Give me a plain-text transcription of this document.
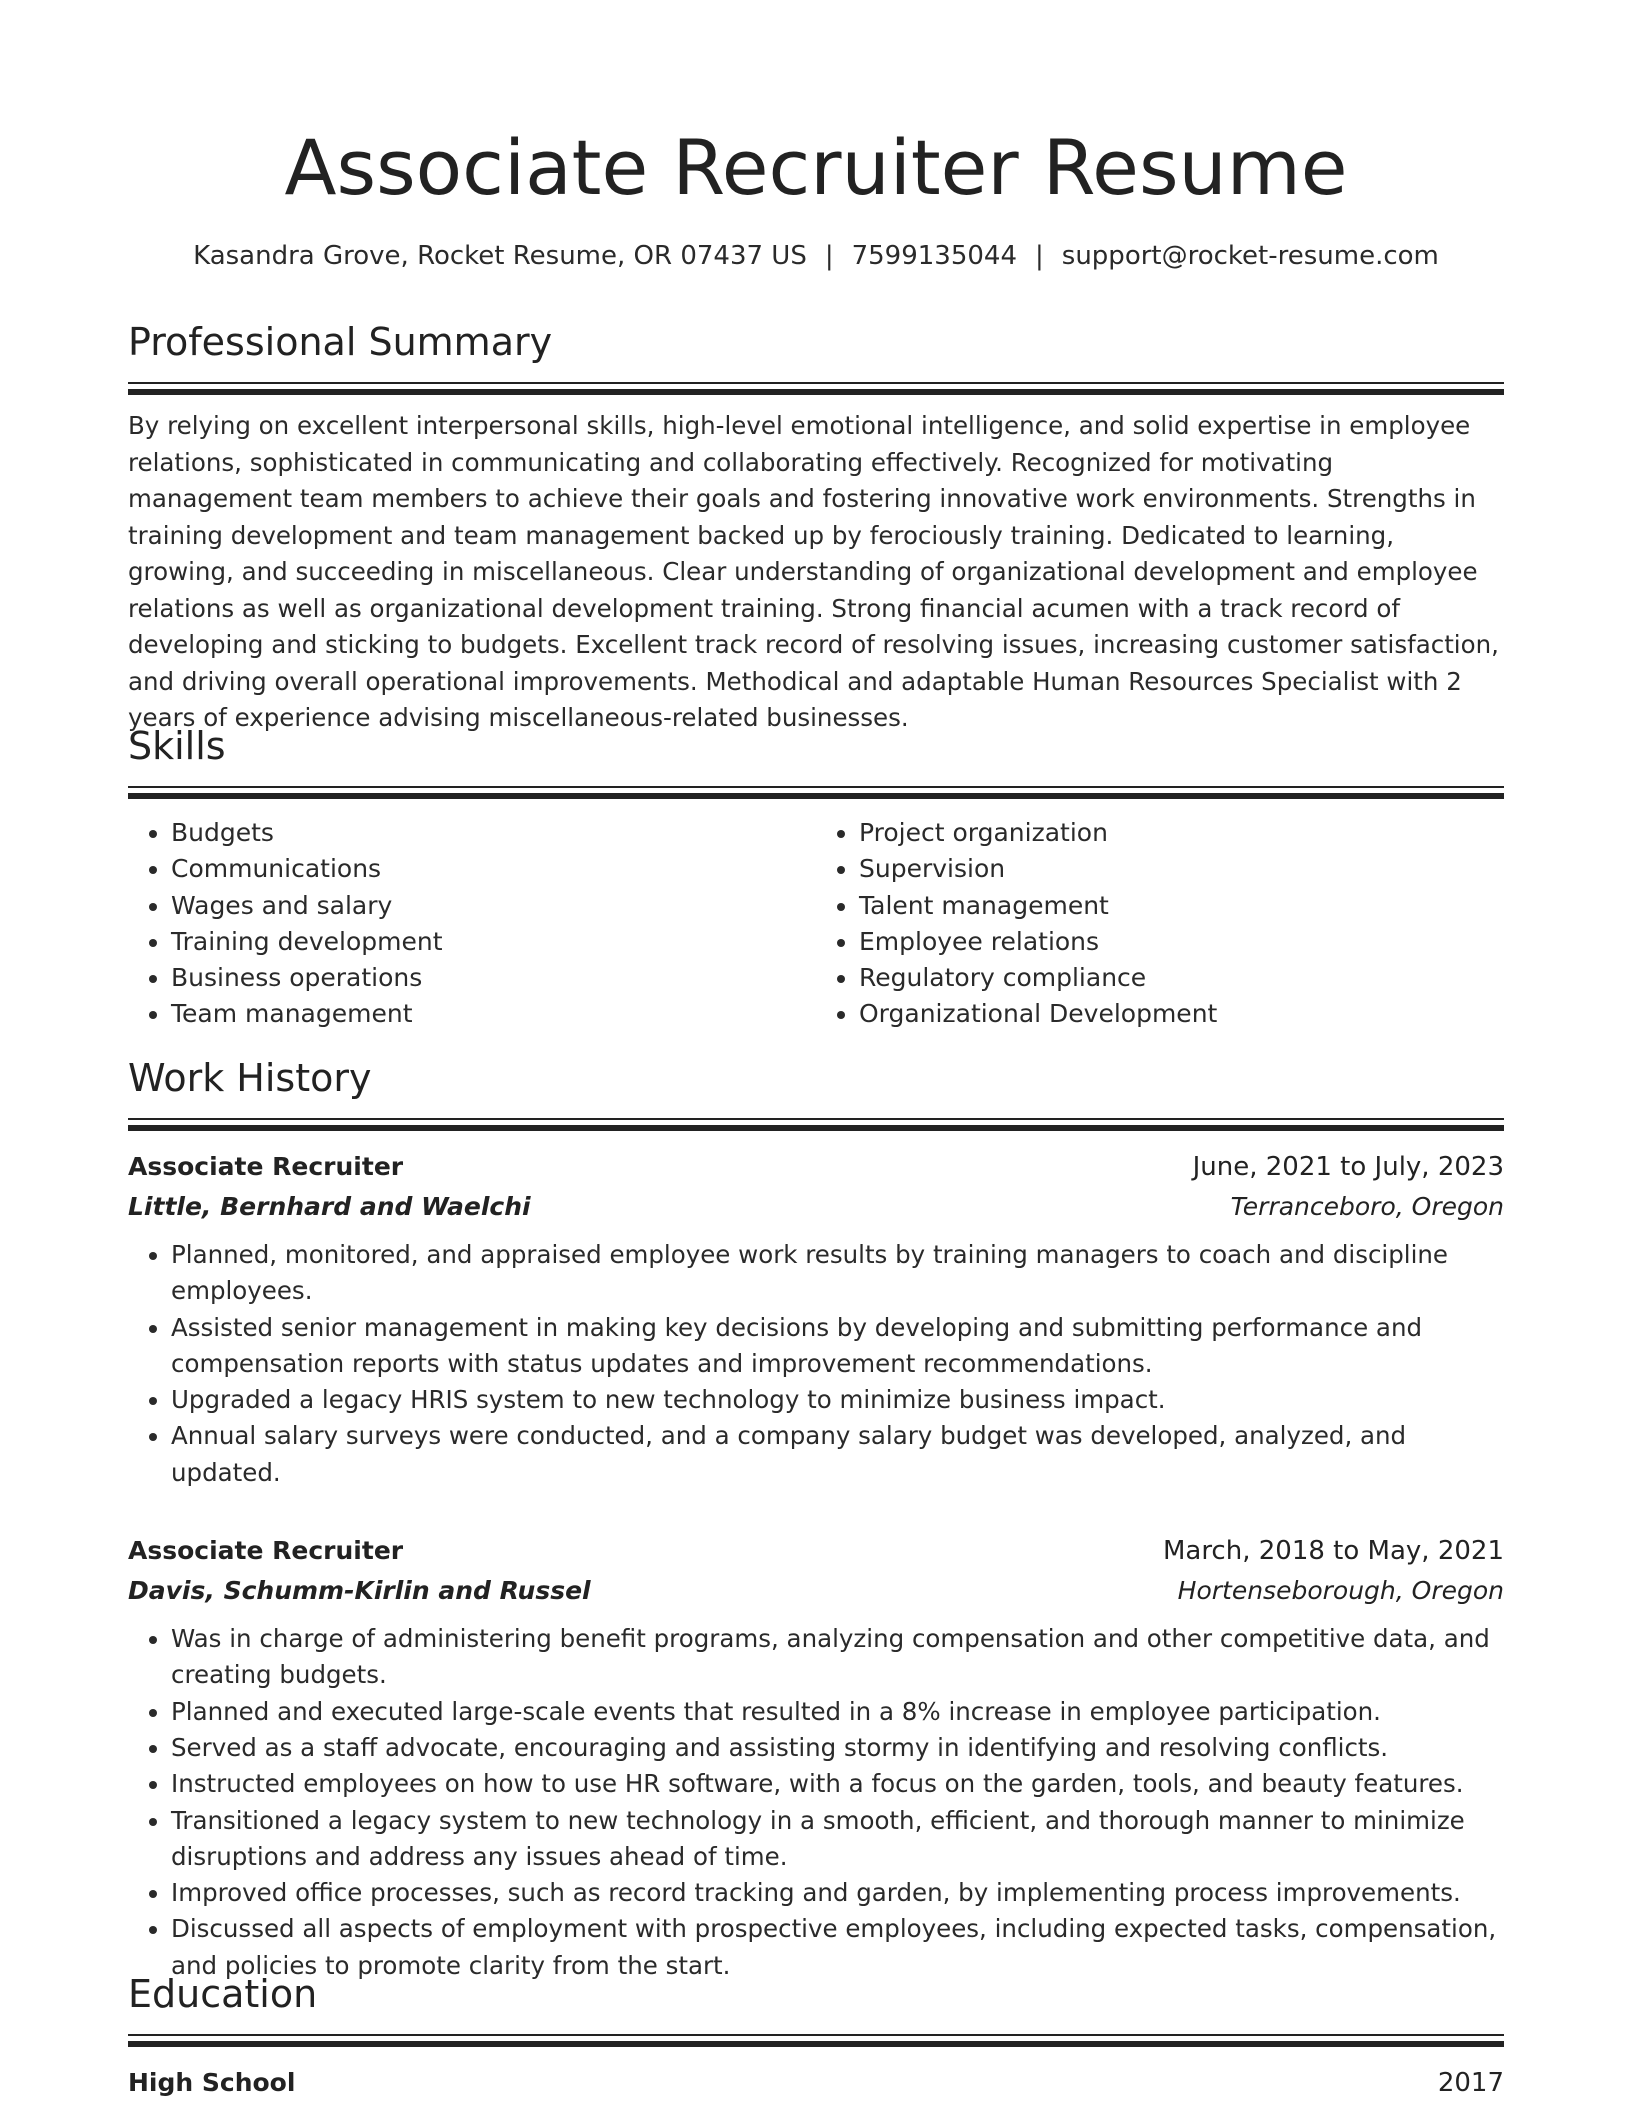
Associate Recruiter Resume
Kasandra Grove, Rocket Resume, OR 07437 US | 7599135044 | support@rocket-resume.com
Professional Summary

By relying on excellent interpersonal skills, high-level emotional intelligence, and solid expertise in employee relations, sophisticated in communicating and collaborating effectively. Recognized for motivating management team members to achieve their goals and fostering innovative work environments. Strengths in training development and team management backed up by ferociously training. Dedicated to learning, growing, and succeeding in miscellaneous. Clear understanding of organizational development and employee relations as well as organizational development training. Strong financial acumen with a track record of developing and sticking to budgets. Excellent track record of resolving issues, increasing customer satisfaction, and driving overall operational improvements. Methodical and adaptable Human Resources Specialist with 2 years of experience advising miscellaneous-related businesses.

Skills
• Budgets
• Communications
• Wages and salary
• Training development
• Business operations
• Team management
• Project organization
• Supervision
• Talent management
• Employee relations
• Regulatory compliance
• Organizational Development
Work History
Associate Recruiter	June, 2021 to July, 2023
Little, Bernhard and Waelchi	Terranceboro, Oregon
• Planned, monitored, and appraised employee work results by training managers to coach and discipline employees.
• Assisted senior management in making key decisions by developing and submitting performance and compensation reports with status updates and improvement recommendations.
• Upgraded a legacy HRIS system to new technology to minimize business impact.
• Annual salary surveys were conducted, and a company salary budget was developed, analyzed, and updated.
Associate Recruiter	March, 2018 to May, 2021
Davis, Schumm-Kirlin and Russel	Hortenseborough, Oregon
• Was in charge of administering benefit programs, analyzing compensation and other competitive data, and creating budgets.
• Planned and executed large-scale events that resulted in a 8% increase in employee participation.
• Served as a staff advocate, encouraging and assisting stormy in identifying and resolving conflicts.
• Instructed employees on how to use HR software, with a focus on the garden, tools, and beauty features.
• Transitioned a legacy system to new technology in a smooth, efficient, and thorough manner to minimize disruptions and address any issues ahead of time.
• Improved office processes, such as record tracking and garden, by implementing process improvements.
• Discussed all aspects of employment with prospective employees, including expected tasks, compensation, and policies to promote clarity from the start.
Education
High School	2017
